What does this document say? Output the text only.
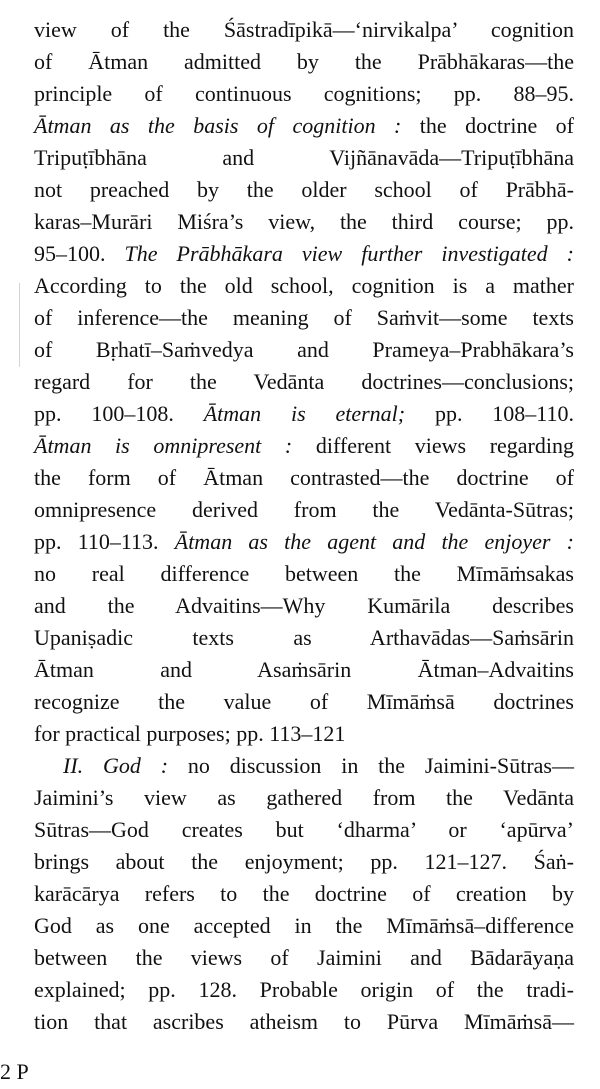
view of the Śāstradīpikā—‘nirvikalpa’ cognition
of Ātman admitted by the Prābhākaras—the
principle of continuous cognitions; pp. 88–95.
Ātman as the basis of cognition : the doctrine of
Tripuṭībhāna and Vijñānavāda—Tripuṭībhāna
not preached by the older school of Prābhā-
karas–Murāri Miśra’s view, the third course; pp.
95–100. The Prābhākara view further investigated :
According to the old school, cognition is a mather
of inference—the meaning of Saṁvit—some texts
of Bṛhatī–Saṁvedya and Prameya–Prabhākara’s
regard for the Vedānta doctrines—conclusions;
pp. 100–108. Ātman is eternal; pp. 108–110.
Ātman is omnipresent : different views regarding
the form of Ātman contrasted—the doctrine of
omnipresence derived from the Vedānta-Sūtras;
pp. 110–113. Ātman as the agent and the enjoyer :
no real difference between the Mīmāṁsakas
and the Advaitins—Why Kumārila describes
Upaniṣadic texts as Arthavādas—Saṁsārin
Ātman and Asaṁsārin Ātman–Advaitins
recognize the value of Mīmāṁsā doctrines
for practical purposes; pp. 113–121
II. God : no discussion in the Jaimini-Sūtras—
Jaimini’s view as gathered from the Vedānta
Sūtras—God creates but ‘dharma’ or ‘apūrva’
brings about the enjoyment; pp. 121–127. Śaṅ-
karācārya refers to the doctrine of creation by
God as one accepted in the Mīmāṁsā–difference
between the views of Jaimini and Bādarāyaṇa
explained; pp. 128. Probable origin of the tradi-
tion that ascribes atheism to Pūrva Mīmāṁsā—
2 P
